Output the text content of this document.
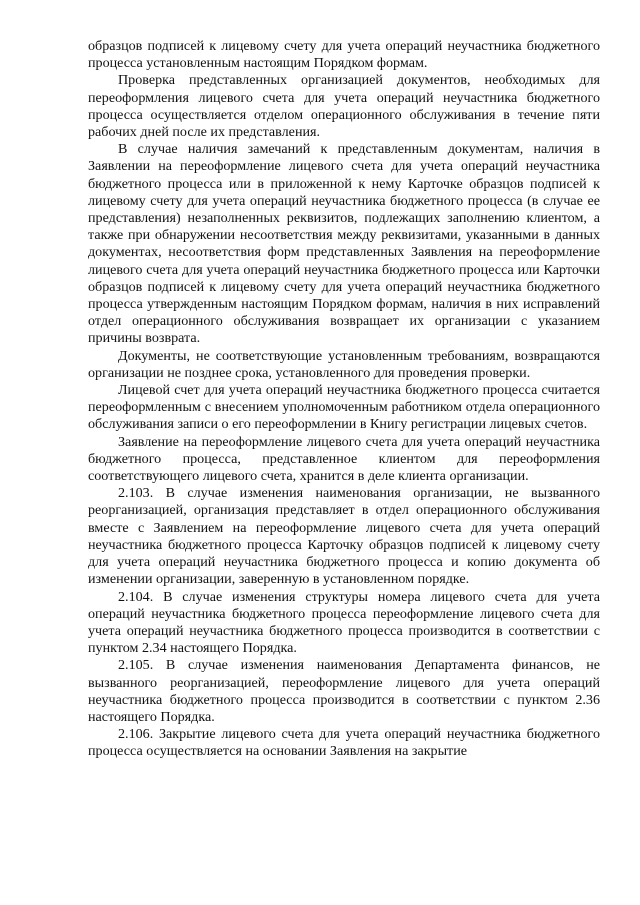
образцов подписей к лицевому счету для учета операций неучастника бюджетного процесса установленным настоящим Порядком формам.

Проверка представленных организацией документов, необходимых для переоформления лицевого счета для учета операций неучастника бюджетного процесса осуществляется отделом операционного обслуживания в течение пяти рабочих дней после их представления.

В случае наличия замечаний к представленным документам, наличия в Заявлении на переоформление лицевого счета для учета операций неучастника бюджетного процесса или в приложенной к нему Карточке образцов подписей к лицевому счету для учета операций неучастника бюджетного процесса (в случае ее представления) незаполненных реквизитов, подлежащих заполнению клиентом, а также при обнаружении несоответствия между реквизитами, указанными в данных документах, несоответствия форм представленных Заявления на переоформление лицевого счета для учета операций неучастника бюджетного процесса или Карточки образцов подписей к лицевому счету для учета операций неучастника бюджетного процесса утвержденным настоящим Порядком формам, наличия в них исправлений отдел операционного обслуживания возвращает их организации с указанием причины возврата.

Документы, не соответствующие установленным требованиям, возвращаются организации не позднее срока, установленного для проведения проверки.

Лицевой счет для учета операций неучастника бюджетного процесса считается переоформленным с внесением уполномоченным работником отдела операционного обслуживания записи о его переоформлении в Книгу регистрации лицевых счетов.

Заявление на переоформление лицевого счета для учета операций неучастника бюджетного процесса, представленное клиентом для переоформления соответствующего лицевого счета, хранится в деле клиента организации.

2.103. В случае изменения наименования организации, не вызванного реорганизацией, организация представляет в отдел операционного обслуживания вместе с Заявлением на переоформление лицевого счета для учета операций неучастника бюджетного процесса Карточку образцов подписей к лицевому счету для учета операций неучастника бюджетного процесса и копию документа об изменении организации, заверенную в установленном порядке.

2.104. В случае изменения структуры номера лицевого счета для учета операций неучастника бюджетного процесса переоформление лицевого счета для учета операций неучастника бюджетного процесса производится в соответствии с пунктом 2.34 настоящего Порядка.

2.105. В случае изменения наименования Департамента финансов, не вызванного реорганизацией, переоформление лицевого для учета операций неучастника бюджетного процесса производится в соответствии с пунктом 2.36 настоящего Порядка.

2.106. Закрытие лицевого счета для учета операций неучастника бюджетного процесса осуществляется на основании Заявления на закрытие
